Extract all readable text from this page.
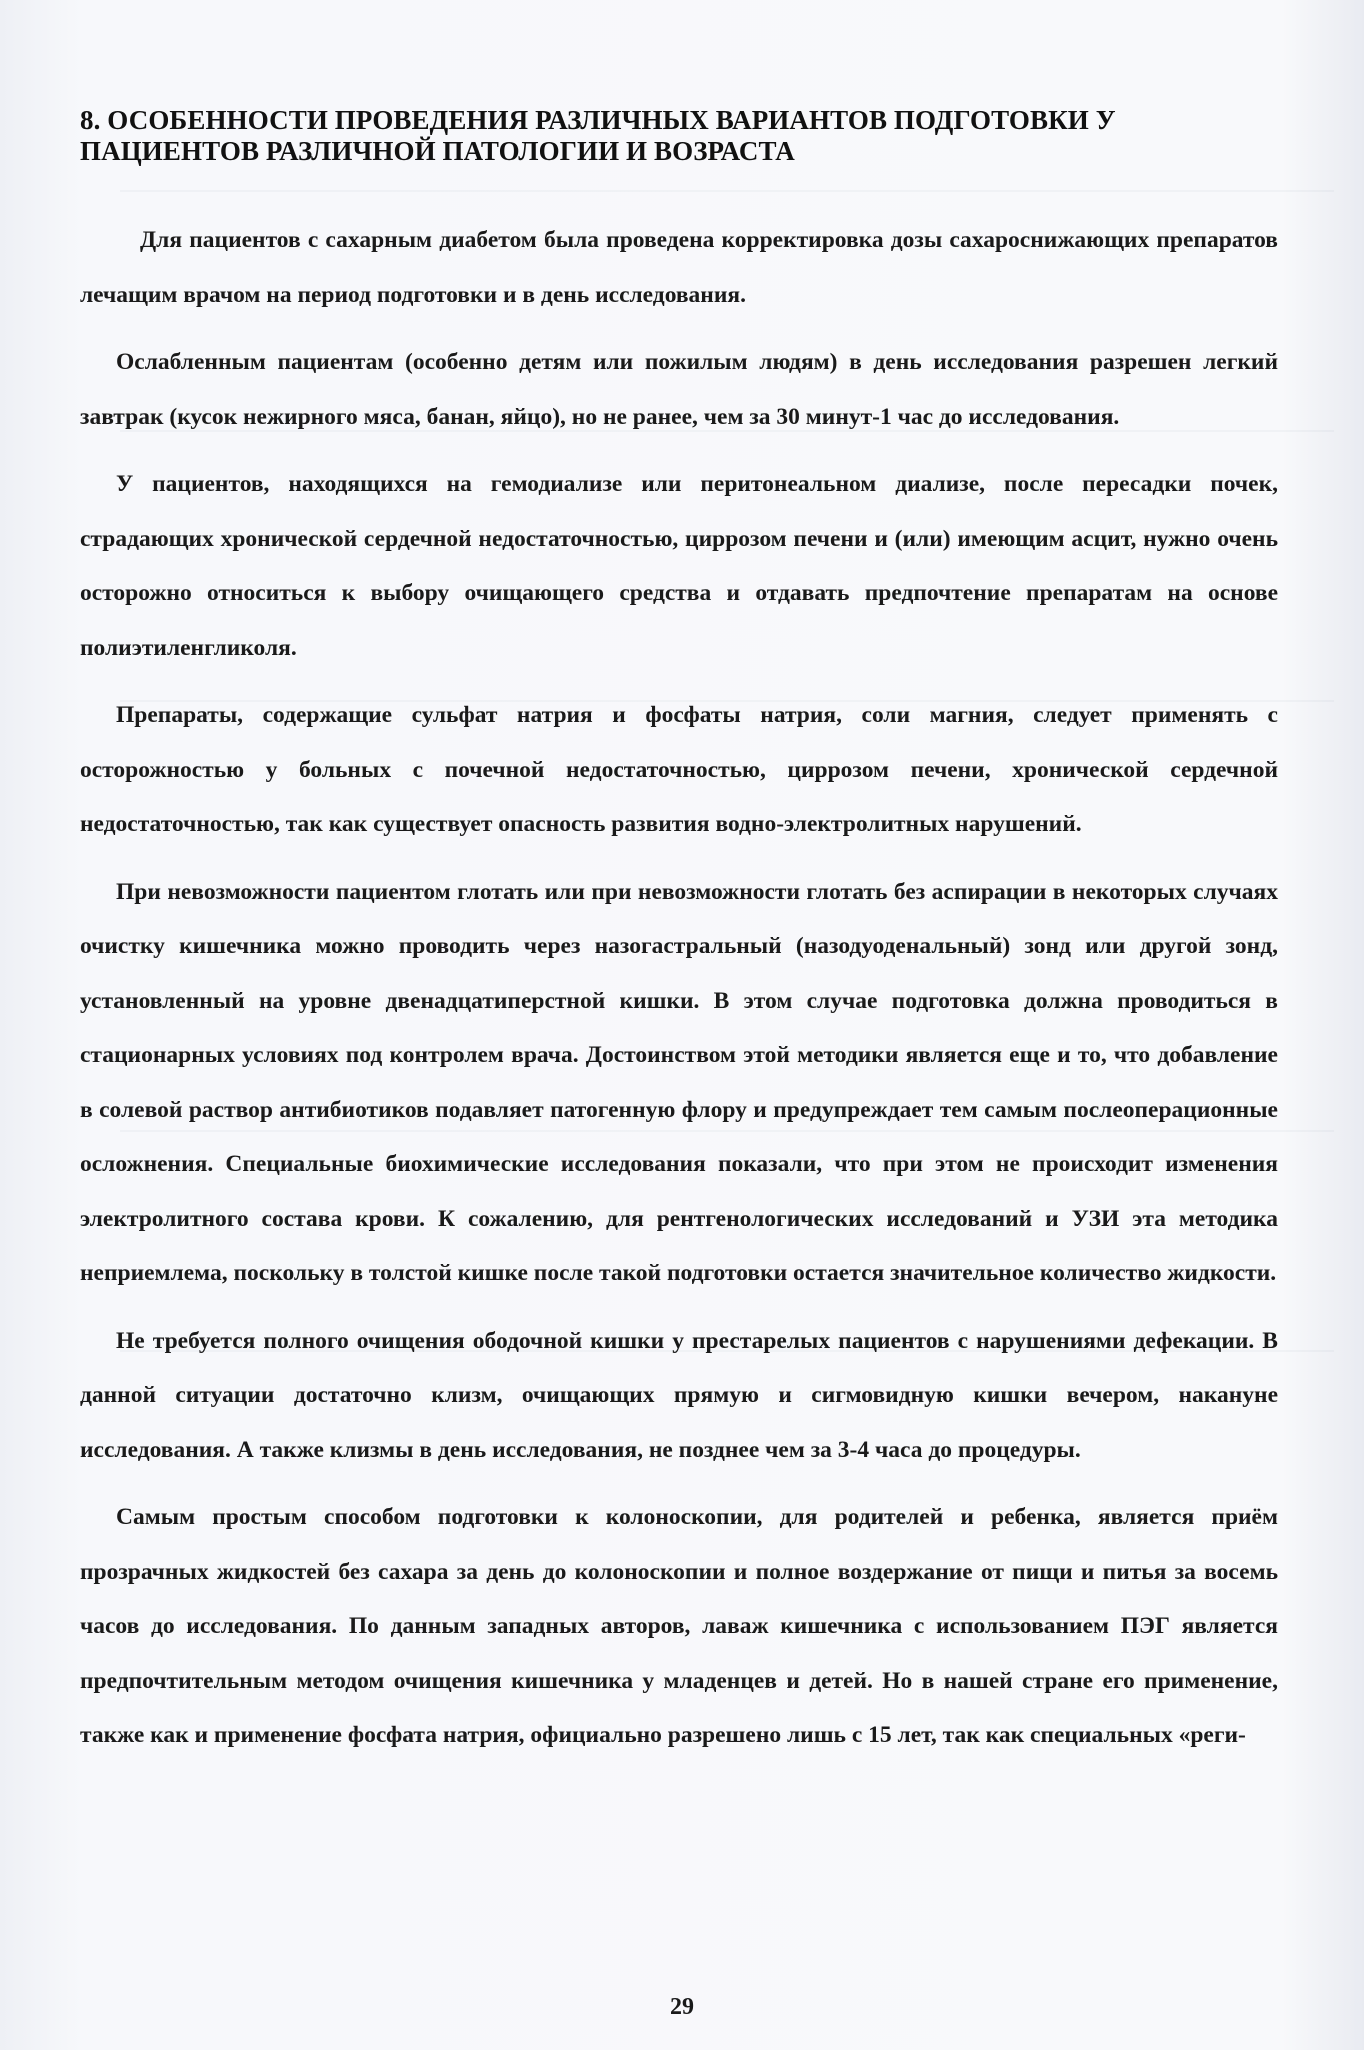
8. ОСОБЕННОСТИ ПРОВЕДЕНИЯ РАЗЛИЧНЫХ ВАРИАНТОВ ПОДГОТОВКИ У ПАЦИЕНТОВ РАЗЛИЧНОЙ ПАТОЛОГИИ И ВОЗРАСТА

Для пациентов с сахарным диабетом была проведена корректировка дозы сахароснижающих препаратов лечащим врачом на период подготовки и в день исследования.

Ослабленным пациентам (особенно детям или пожилым людям) в день исследования разрешен легкий завтрак (кусок нежирного мяса, банан, яйцо), но не ранее, чем за 30 минут-1 час до исследования.

У пациентов, находящихся на гемодиализе или перитонеальном диализе, после пересадки почек, страдающих хронической сердечной недостаточностью, циррозом печени и (или) имеющим асцит, нужно очень осторожно относиться к выбору очищающего средства и отдавать предпочтение препаратам на основе полиэтиленгликоля.

Препараты, содержащие сульфат натрия и фосфаты натрия, соли магния, следует применять с осторожностью у больных с почечной недостаточностью, циррозом печени, хронической сердечной недостаточностью, так как существует опасность развития водно-электролитных нарушений.

При невозможности пациентом глотать или при невозможности глотать без аспирации в некоторых случаях очистку кишечника можно проводить через назогастральный (назодуоденальный) зонд или другой зонд, установленный на уровне двенадцатиперстной кишки. В этом случае подготовка должна проводиться в стационарных условиях под контролем врача. Достоинством этой методики является еще и то, что добавление в солевой раствор антибиотиков подавляет патогенную флору и предупреждает тем самым послеоперационные осложнения. Специальные биохимические исследования показали, что при этом не происходит изменения электролитного состава крови. К сожалению, для рентгенологических исследований и УЗИ эта методика неприемлема, поскольку в толстой кишке после такой подготовки остается значительное количество жидкости.

Не требуется полного очищения ободочной кишки у престарелых пациентов с нарушениями дефекации. В данной ситуации достаточно клизм, очищающих прямую и сигмовидную кишки вечером, накануне исследования. А также клизмы в день исследования, не позднее чем за 3-4 часа до процедуры.

Самым простым способом подготовки к колоноскопии, для родителей и ребенка, является приём прозрачных жидкостей без сахара за день до колоноскопии и полное воздержание от пищи и питья за восемь часов до исследования. По данным западных авторов, лаваж кишечника с использованием ПЭГ является предпочтительным методом очищения кишечника у младенцев и детей. Но в нашей стране его применение, также как и применение фосфата натрия, официально разрешено лишь с 15 лет, так как специальных «реги-

29
